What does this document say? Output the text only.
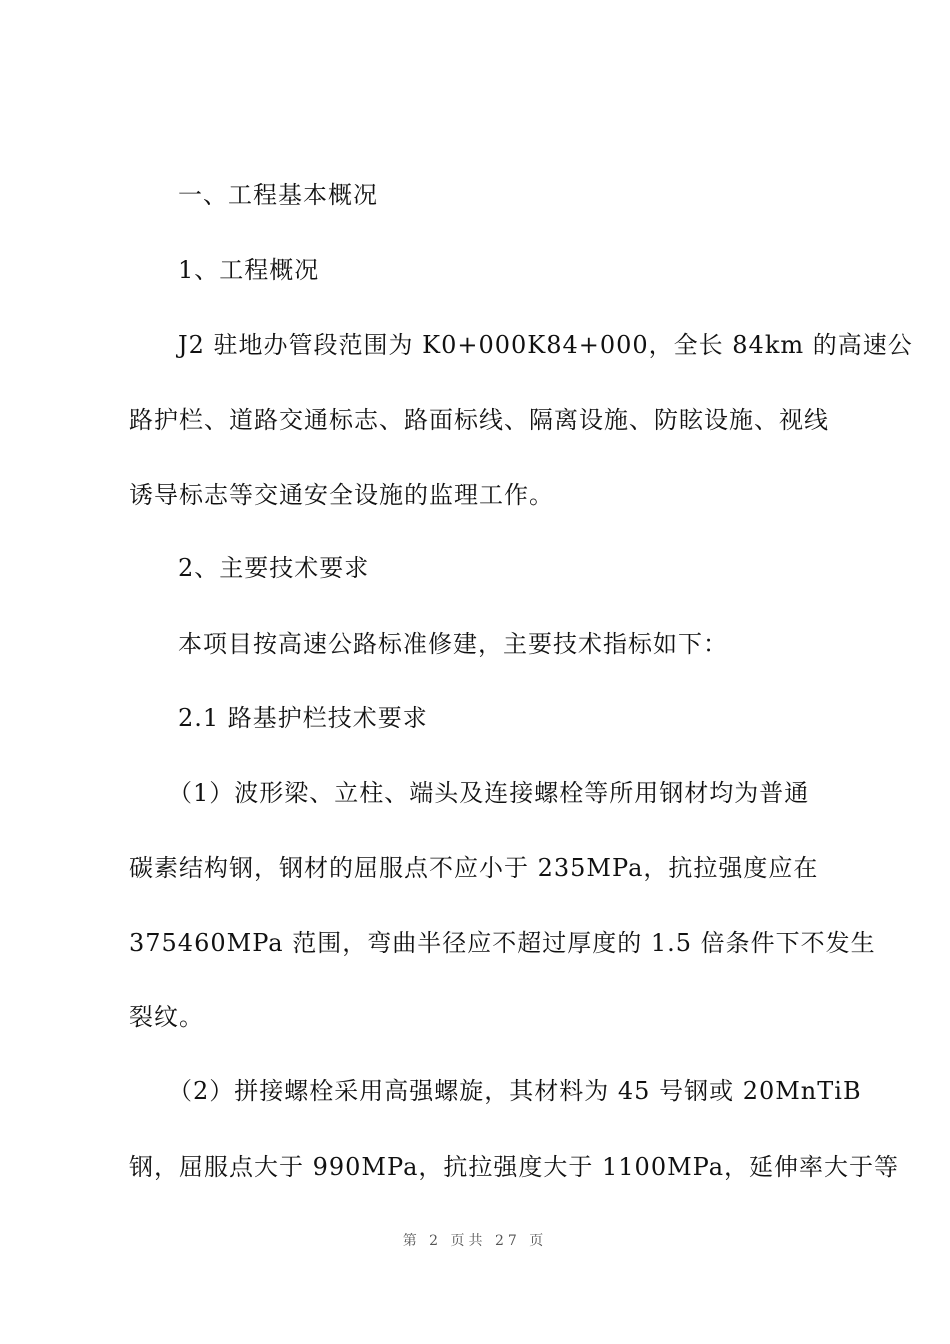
一、工程基本概况
1、工程概况
J2 驻地办管段范围为 K0+000K84+000，全长 84km 的高速公
路护栏、道路交通标志、路面标线、隔离设施、防眩设施、视线
诱导标志等交通安全设施的监理工作。
2、主要技术要求
本项目按高速公路标准修建，主要技术指标如下：
2.1 路基护栏技术要求
（1）波形梁、立柱、端头及连接螺栓等所用钢材均为普通
碳素结构钢，钢材的屈服点不应小于 235MPa，抗拉强度应在
375460MPa 范围，弯曲半径应不超过厚度的 1.5 倍条件下不发生
裂纹。
（2）拼接螺栓采用高强螺旋，其材料为 45 号钢或 20MnTiB
钢，屈服点大于 990MPa，抗拉强度大于 1100MPa，延伸率大于等
第 2 页共 27 页
